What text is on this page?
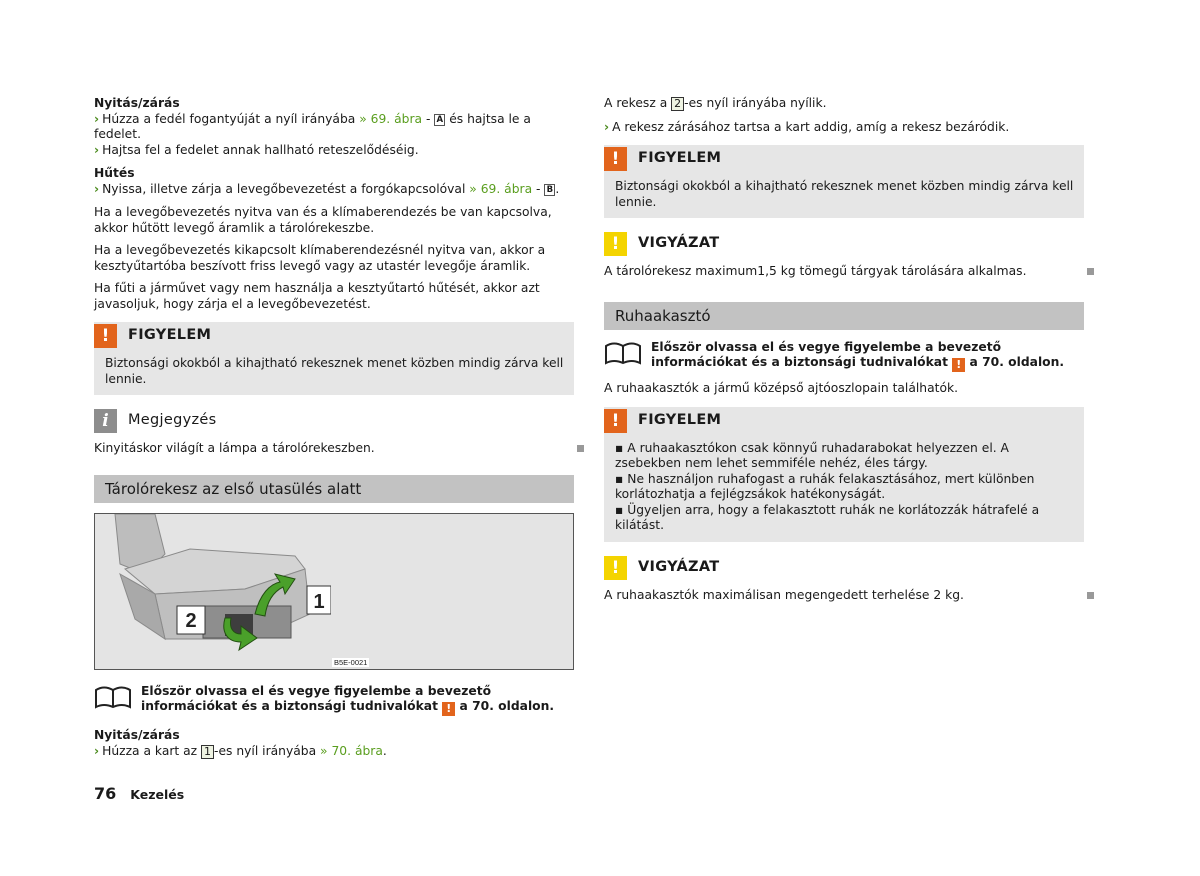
Nyitás/zárás

› Húzza a fedél fogantyúját a nyíl irányába » 69. ábra - A és hajtsa le a fedelet.

› Hajtsa fel a fedelet annak hallható reteszelődéséig.

Hűtés

› Nyissa, illetve zárja a levegőbevezetést a forgókapcsolóval » 69. ábra - B .

Ha a levegőbevezetés nyitva van és a klímaberendezés be van kapcsolva, akkor hűtött levegő áramlik a tárolórekeszbe.

Ha a levegőbevezetés kikapcsolt klímaberendezésnél nyitva van, akkor a kesztyűtartóba beszívott friss levegő vagy az utastér levegője áramlik.

Ha fűti a járművet vagy nem használja a kesztyűtartó hűtését, akkor azt javasoljuk, hogy zárja el a levegőbevezetést.

!	FIGYELEM
Biztonsági okokból a kihajtható rekesznek menet közben mindig zárva kell lennie.
i	Megjegyzés

Kinyitáskor világít a lámpa a tárolórekeszben.

Tárolórekesz az első utasülés alatt
2
1
B5E-0021
Először olvassa el és vegye figyelembe a bevezető információkat és a biztonsági tudnivalókat ! a 70. oldalon.

Nyitás/zárás

› Húzza a kart az 1 -es nyíl irányába » 70. ábra.

A rekesz a 2 -es nyíl irányába nyílik.

› A rekesz zárásához tartsa a kart addig, amíg a rekesz bezáródik.

!	FIGYELEM
Biztonsági okokból a kihajtható rekesznek menet közben mindig zárva kell lennie.
!	VIGYÁZAT

A tárolórekesz maximum1,5 kg tömegű tárgyak tárolására alkalmas.

Ruhaakasztó
Először olvassa el és vegye figyelembe a bevezető információkat és a biztonsági tudnivalókat ! a 70. oldalon.

A ruhaakasztók a jármű középső ajtóoszlopain találhatók.

!	FIGYELEM

▪ A ruhaakasztókon csak könnyű ruhadarabokat helyezzen el. A zsebekben nem lehet semmiféle nehéz, éles tárgy.

▪ Ne használjon ruhafogast a ruhák felakasztásához, mert különben korlátozhatja a fejlégzsákok hatékonyságát.

▪ Ügyeljen arra, hogy a felakasztott ruhák ne korlátozzák hátrafelé a kilátást.

!	VIGYÁZAT

A ruhaakasztók maximálisan megengedett terhelése 2 kg.

76 Kezelés
